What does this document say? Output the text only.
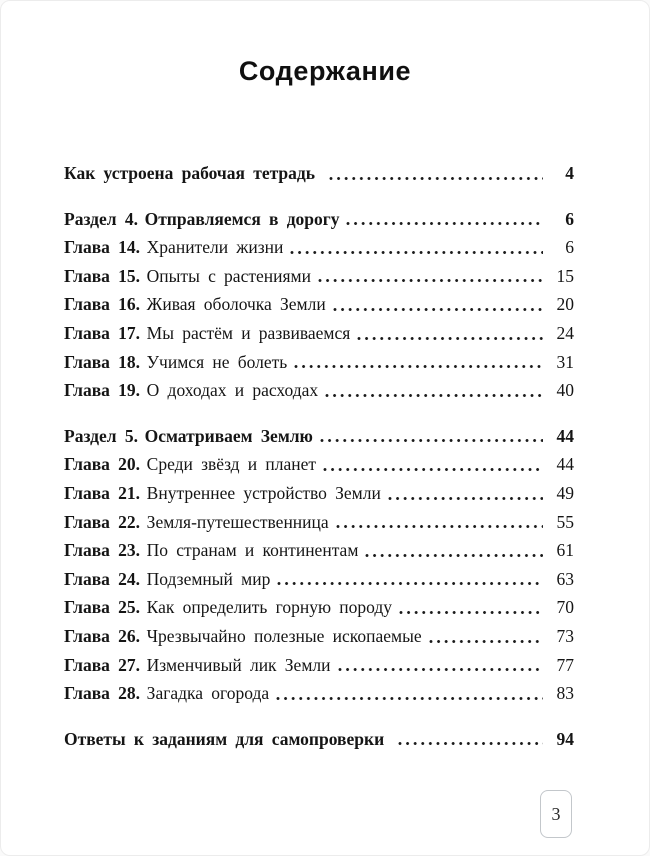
Содержание
Как устроена рабочая тетрадь	4
Раздел 4. Отправляемся в дорогу	6
Глава 14. Хранители жизни	6
Глава 15. Опыты с растениями	15
Глава 16. Живая оболочка Земли	20
Глава 17. Мы растём и развиваемся	24
Глава 18. Учимся не болеть	31
Глава 19. О доходах и расходах	40
Раздел 5. Осматриваем Землю	44
Глава 20. Среди звёзд и планет	44
Глава 21. Внутреннее устройство Земли	49
Глава 22. Земля-путешественница	55
Глава 23. По странам и континентам	61
Глава 24. Подземный мир	63
Глава 25. Как определить горную породу	70
Глава 26. Чрезвычайно полезные ископаемые	73
Глава 27. Изменчивый лик Земли	77
Глава 28. Загадка огорода	83
Ответы к заданиям для самопроверки	94
3
